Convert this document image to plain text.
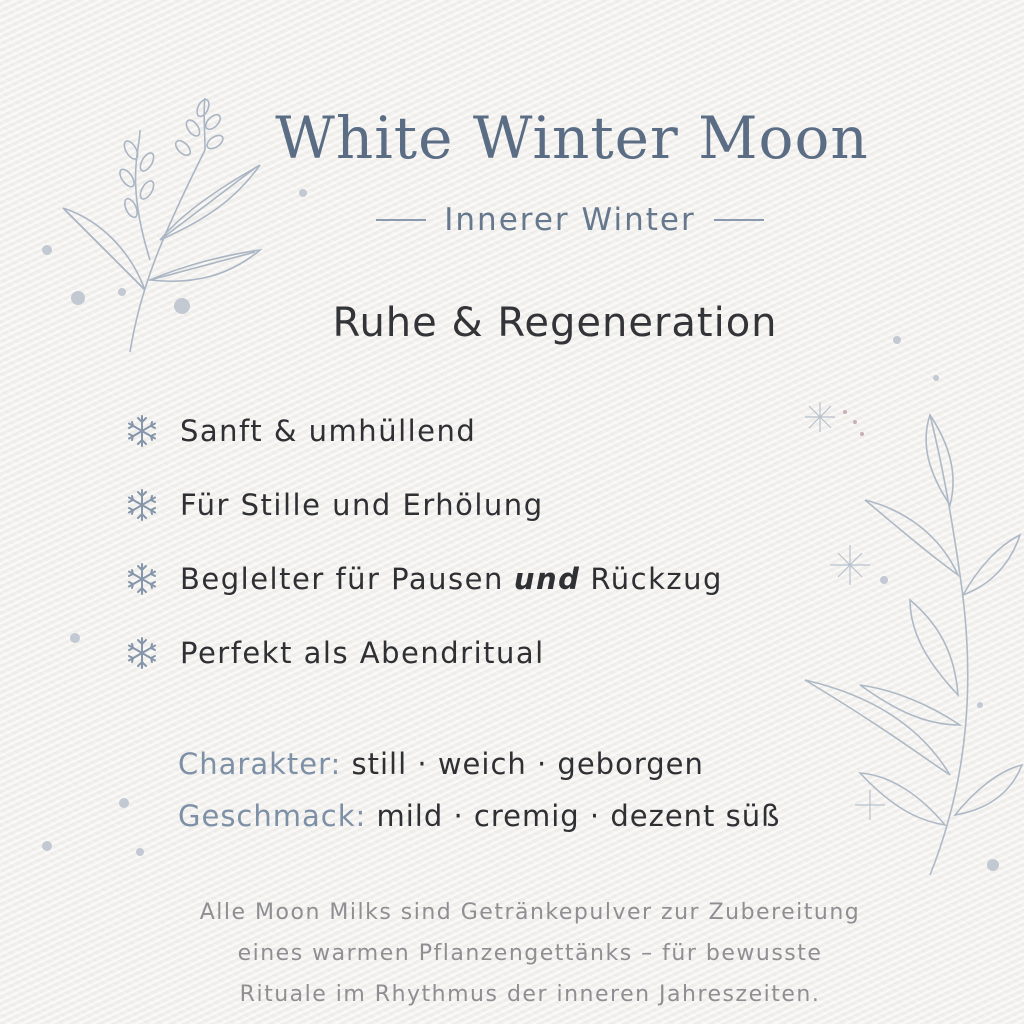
White Winter Moon
Innerer Winter
Ruhe & Regeneration
Sanft & umhüllend
Für Stille und Erhölung
Beglelter für Pausen und Rückzug
Perfekt als Abendritual
Charakter: still · weich · geborgen
Geschmack: mild · cremig · dezent süß
Alle Moon Milks sind Getränkepulver zur Zubereitung
eines warmen Pflanzengettänks – für bewusste
Rituale im Rhythmus der inneren Jahreszeiten.
